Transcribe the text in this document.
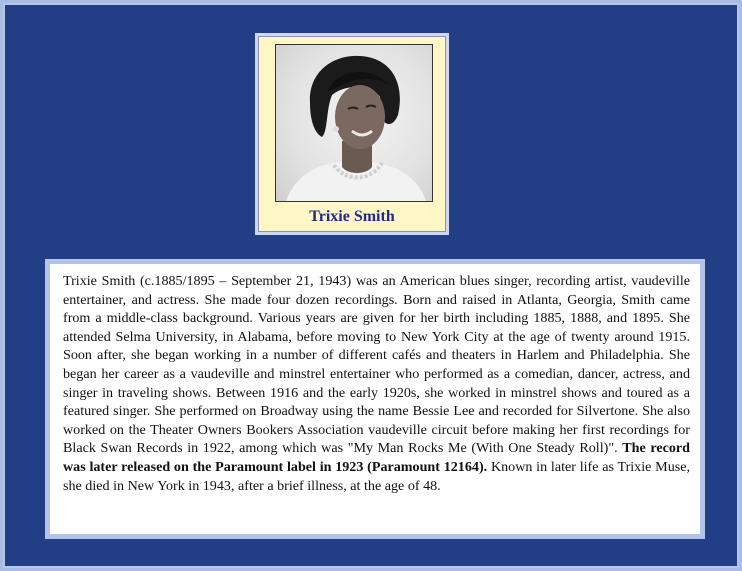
Trixie Smith

Trixie Smith (c.1885/1895 – September 21, 1943) was an American blues singer, recording artist, vaudeville entertainer, and actress. She made four dozen recordings. Born and raised in Atlanta, Georgia, Smith came from a middle-class background. Various years are given for her birth including 1885, 1888, and 1895. She attended Selma University, in Alabama, before moving to New York City at the age of twenty around 1915. Soon after, she began working in a number of different cafés and theaters in Harlem and Philadelphia. She began her career as a vaudeville and minstrel entertainer who performed as a comedian, dancer, actress, and singer in traveling shows. Between 1916 and the early 1920s, she worked in minstrel shows and toured as a featured singer. She performed on Broadway using the name Bessie Lee and recorded for Silvertone. She also worked on the Theater Owners Bookers Association vaudeville circuit before making her first recordings for Black Swan Records in 1922, among which was "My Man Rocks Me (With One Steady Roll)". The record was later released on the Paramount label in 1923 (Paramount 12164). Known in later life as Trixie Muse, she died in New York in 1943, after a brief illness, at the age of 48.
